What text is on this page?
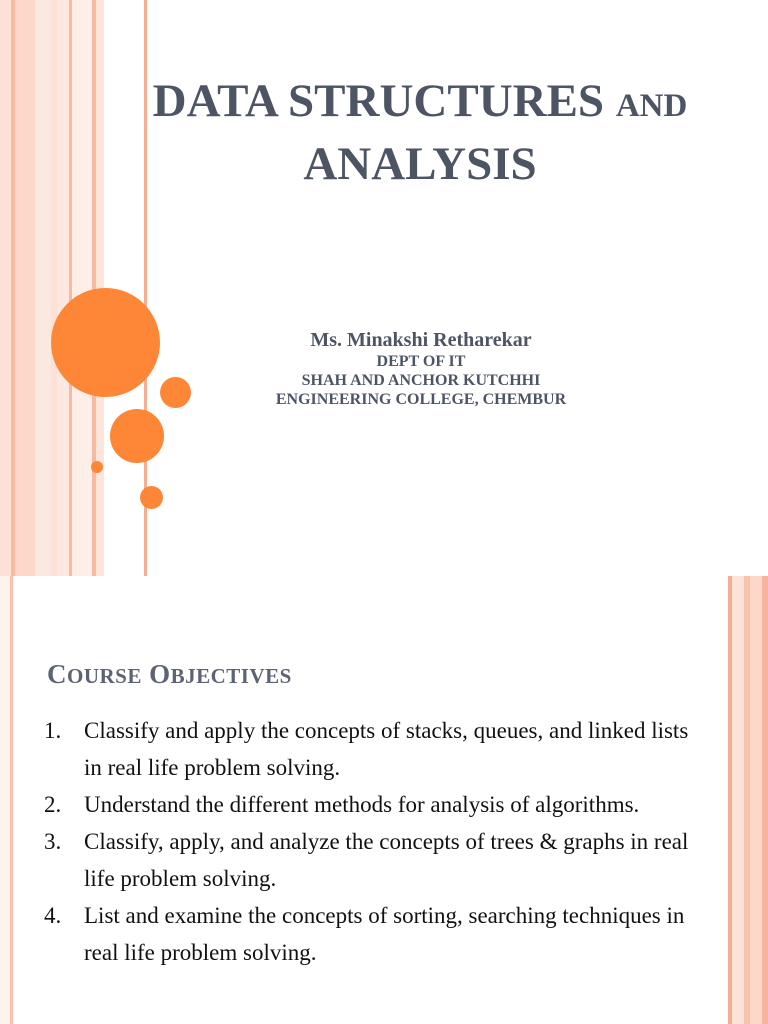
DATA STRUCTURES AND
ANALYSIS
Ms. Minakshi Retharekar
DEPT OF IT
SHAH AND ANCHOR KUTCHHI
ENGINEERING COLLEGE, CHEMBUR
COURSE OBJECTIVES
1. Classify and apply the concepts of stacks, queues, and linked lists in real life problem solving.
2. Understand the different methods for analysis of algorithms.
3. Classify, apply, and analyze the concepts of trees & graphs in real life problem solving.
4. List and examine the concepts of sorting, searching techniques in real life problem solving.
